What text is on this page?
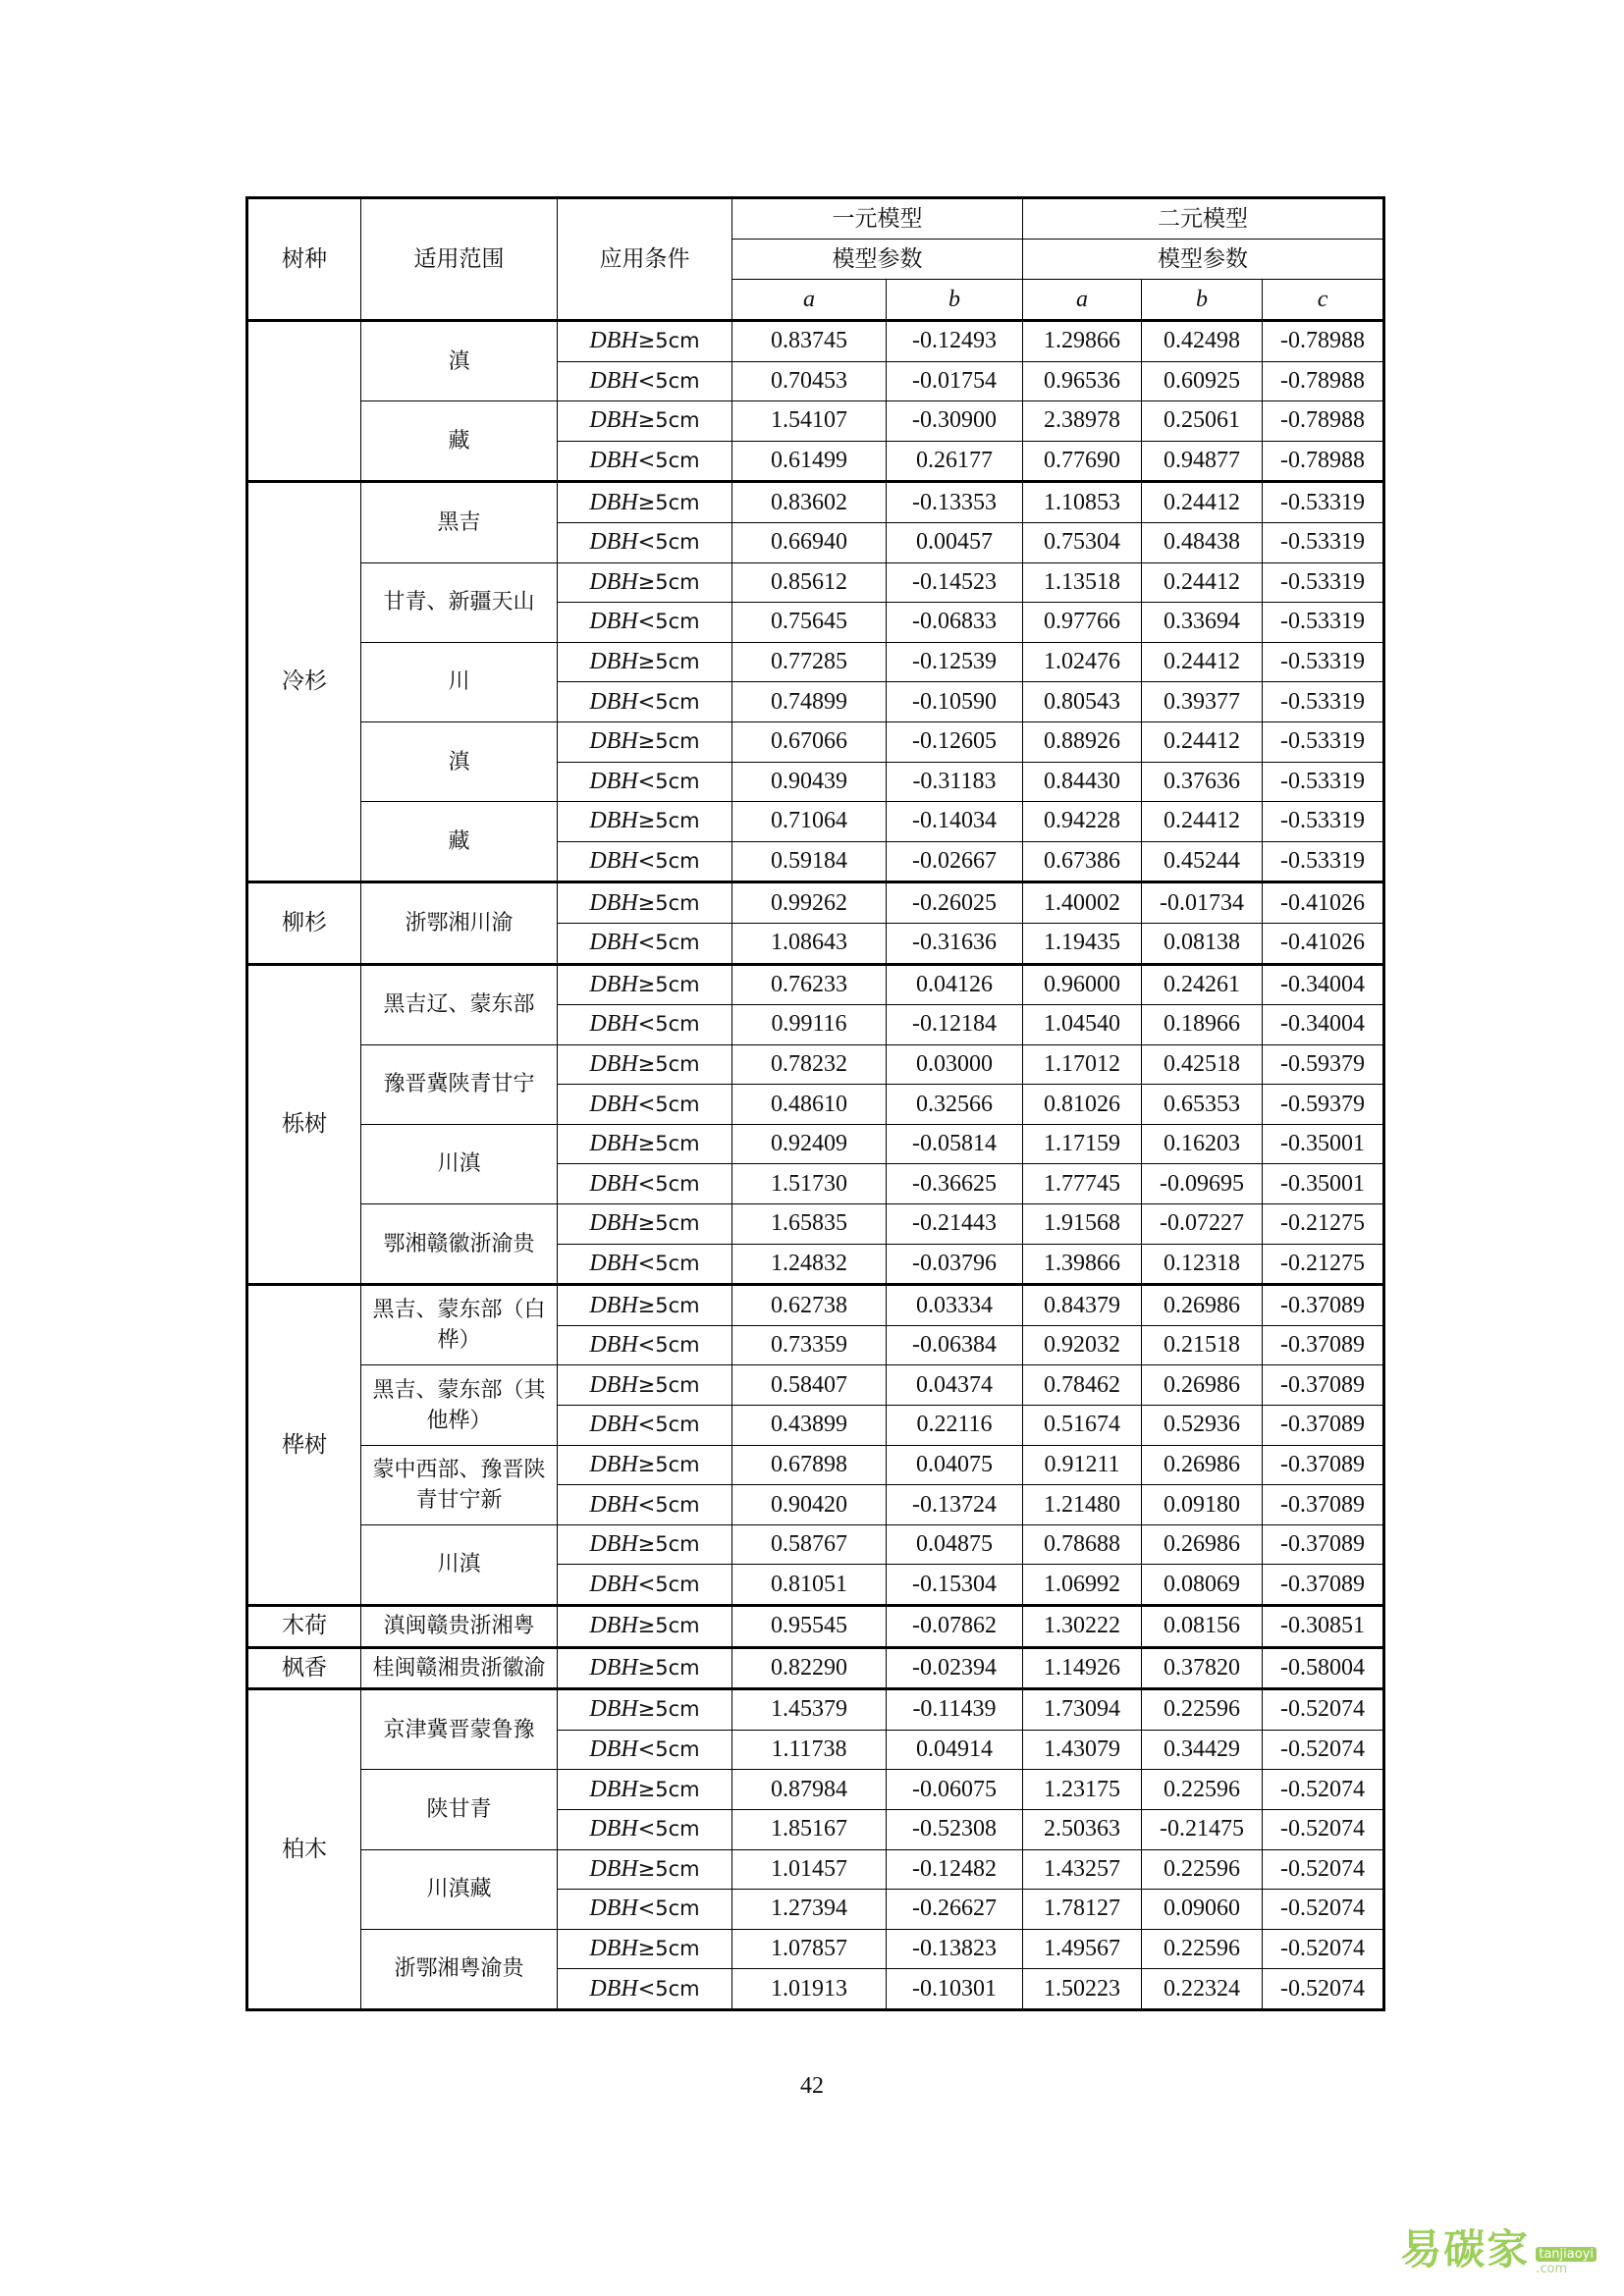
树种	适用范围	应用条件	一元模型		二元模型		
			模型参数		模型参数		
			a	b	a	b	c
	滇	DBH≥5cm	0.83745	-0.12493	1.29866	0.42498	-0.78988
		DBH<5cm	0.70453	-0.01754	0.96536	0.60925	-0.78988
	藏	DBH≥5cm	1.54107	-0.30900	2.38978	0.25061	-0.78988
		DBH<5cm	0.61499	0.26177	0.77690	0.94877	-0.78988
冷杉	黑吉	DBH≥5cm	0.83602	-0.13353	1.10853	0.24412	-0.53319
		DBH<5cm	0.66940	0.00457	0.75304	0.48438	-0.53319
	甘青、新疆天山	DBH≥5cm	0.85612	-0.14523	1.13518	0.24412	-0.53319
		DBH<5cm	0.75645	-0.06833	0.97766	0.33694	-0.53319
	川	DBH≥5cm	0.77285	-0.12539	1.02476	0.24412	-0.53319
		DBH<5cm	0.74899	-0.10590	0.80543	0.39377	-0.53319
	滇	DBH≥5cm	0.67066	-0.12605	0.88926	0.24412	-0.53319
		DBH<5cm	0.90439	-0.31183	0.84430	0.37636	-0.53319
	藏	DBH≥5cm	0.71064	-0.14034	0.94228	0.24412	-0.53319
		DBH<5cm	0.59184	-0.02667	0.67386	0.45244	-0.53319
柳杉	浙鄂湘川渝	DBH≥5cm	0.99262	-0.26025	1.40002	-0.01734	-0.41026
		DBH<5cm	1.08643	-0.31636	1.19435	0.08138	-0.41026
栎树	黑吉辽、蒙东部	DBH≥5cm	0.76233	0.04126	0.96000	0.24261	-0.34004
		DBH<5cm	0.99116	-0.12184	1.04540	0.18966	-0.34004
	豫晋冀陕青甘宁	DBH≥5cm	0.78232	0.03000	1.17012	0.42518	-0.59379
		DBH<5cm	0.48610	0.32566	0.81026	0.65353	-0.59379
	川滇	DBH≥5cm	0.92409	-0.05814	1.17159	0.16203	-0.35001
		DBH<5cm	1.51730	-0.36625	1.77745	-0.09695	-0.35001
	鄂湘赣徽浙渝贵	DBH≥5cm	1.65835	-0.21443	1.91568	-0.07227	-0.21275
		DBH<5cm	1.24832	-0.03796	1.39866	0.12318	-0.21275
桦树	黑吉、蒙东部（白桦）	DBH≥5cm	0.62738	0.03334	0.84379	0.26986	-0.37089
		DBH<5cm	0.73359	-0.06384	0.92032	0.21518	-0.37089
	黑吉、蒙东部（其他桦）	DBH≥5cm	0.58407	0.04374	0.78462	0.26986	-0.37089
		DBH<5cm	0.43899	0.22116	0.51674	0.52936	-0.37089
	蒙中西部、豫晋陕青甘宁新	DBH≥5cm	0.67898	0.04075	0.91211	0.26986	-0.37089
		DBH<5cm	0.90420	-0.13724	1.21480	0.09180	-0.37089
	川滇	DBH≥5cm	0.58767	0.04875	0.78688	0.26986	-0.37089
		DBH<5cm	0.81051	-0.15304	1.06992	0.08069	-0.37089
木荷	滇闽赣贵浙湘粤	DBH≥5cm	0.95545	-0.07862	1.30222	0.08156	-0.30851
枫香	桂闽赣湘贵浙徽渝	DBH≥5cm	0.82290	-0.02394	1.14926	0.37820	-0.58004
柏木	京津冀晋蒙鲁豫	DBH≥5cm	1.45379	-0.11439	1.73094	0.22596	-0.52074
		DBH<5cm	1.11738	0.04914	1.43079	0.34429	-0.52074
	陕甘青	DBH≥5cm	0.87984	-0.06075	1.23175	0.22596	-0.52074
		DBH<5cm	1.85167	-0.52308	2.50363	-0.21475	-0.52074
	川滇藏	DBH≥5cm	1.01457	-0.12482	1.43257	0.22596	-0.52074
		DBH<5cm	1.27394	-0.26627	1.78127	0.09060	-0.52074
	浙鄂湘粤渝贵	DBH≥5cm	1.07857	-0.13823	1.49567	0.22596	-0.52074
		DBH<5cm	1.01913	-0.10301	1.50223	0.22324	-0.52074
42
易碳家 tanjiaoyi
.com
